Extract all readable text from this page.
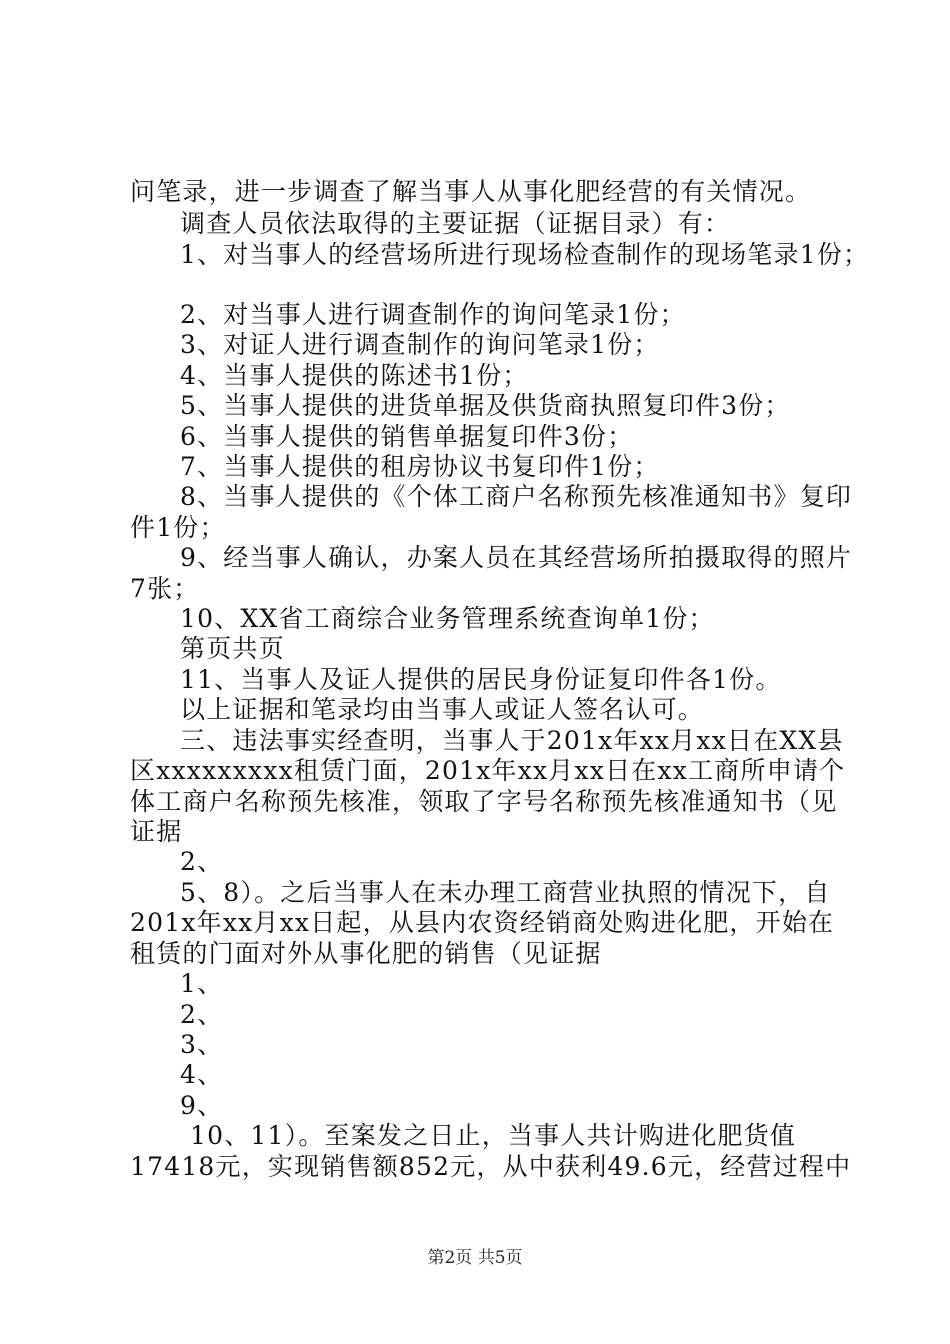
问笔录，进一步调查了解当事人从事化肥经营的有关情况。
调查人员依法取得的主要证据（证据目录）有：
1、对当事人的经营场所进行现场检查制作的现场笔录1份；
2、对当事人进行调查制作的询问笔录1份；
3、对证人进行调查制作的询问笔录1份；
4、当事人提供的陈述书1份；
5、当事人提供的进货单据及供货商执照复印件3份；
6、当事人提供的销售单据复印件3份；
7、当事人提供的租房协议书复印件1份；
8、当事人提供的《个体工商户名称预先核准通知书》复印
件1份；
9、经当事人确认，办案人员在其经营场所拍摄取得的照片
7张；
10、XX省工商综合业务管理系统查询单1份；
第页共页
11、当事人及证人提供的居民身份证复印件各1份。
以上证据和笔录均由当事人或证人签名认可。
三、违法事实经查明，当事人于201x年xx月xx日在XX县
区xxxxxxxxx租赁门面，201x年xx月xx日在xx工商所申请个
体工商户名称预先核准，领取了字号名称预先核准通知书（见
证据
2、
5、8）。之后当事人在未办理工商营业执照的情况下，自
201x年xx月xx日起，从县内农资经销商处购进化肥，开始在
租赁的门面对外从事化肥的销售（见证据
1、
2、
3、
4、
9、
10、11）。至案发之日止，当事人共计购进化肥货值
17418元，实现销售额852元，从中获利49.6元，经营过程中
第2页 共5页
